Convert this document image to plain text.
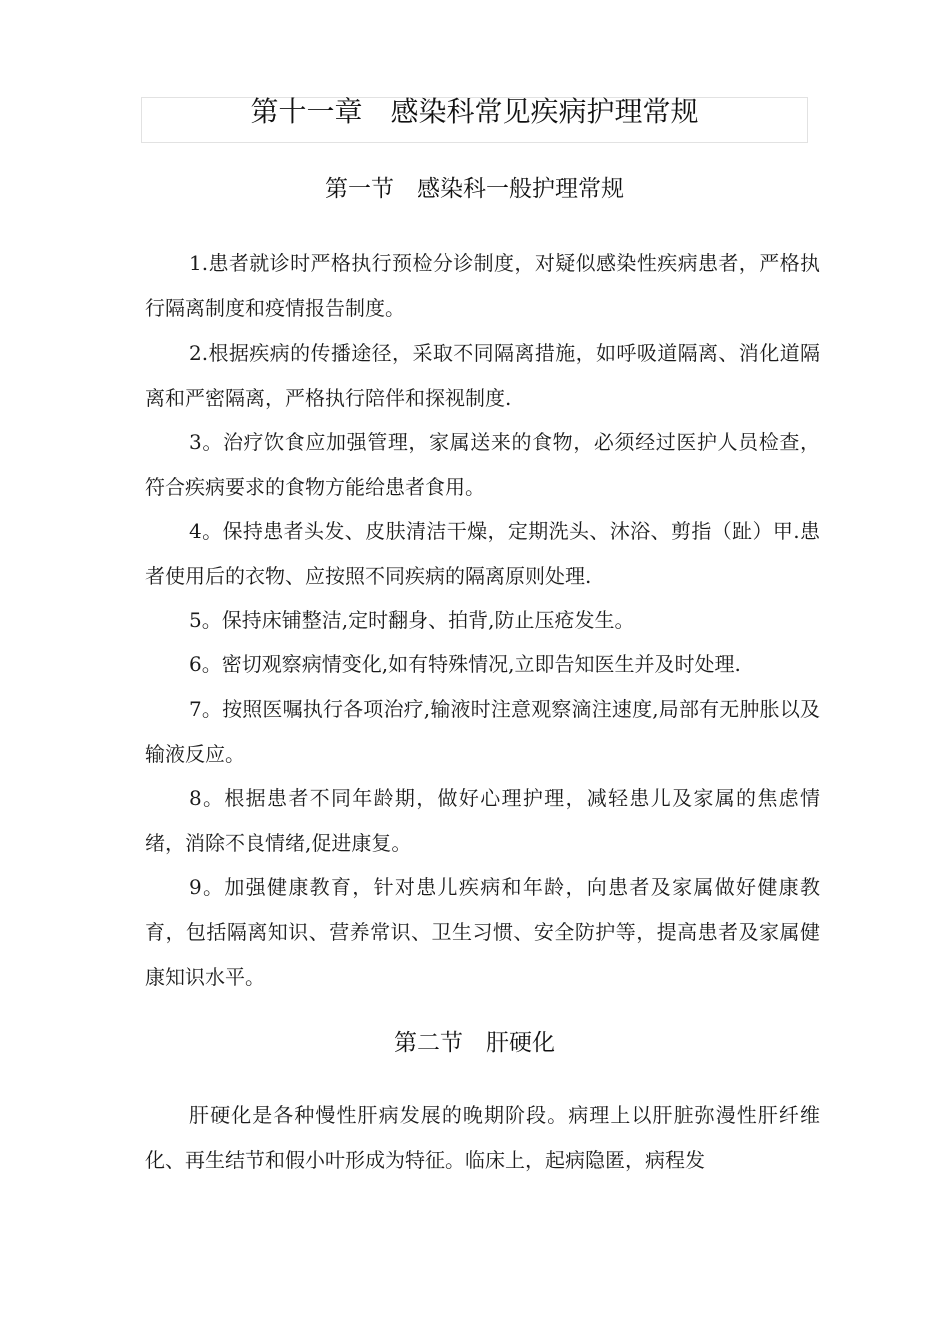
第十一章　感染科常见疾病护理常规
第一节　感染科一般护理常规

1.患者就诊时严格执行预检分诊制度，对疑似感染性疾病患者，严格执行隔离制度和疫情报告制度。

2.根据疾病的传播途径，采取不同隔离措施，如呼吸道隔离、消化道隔离和严密隔离，严格执行陪伴和探视制度.

3。治疗饮食应加强管理，家属送来的食物，必须经过医护人员检查，符合疾病要求的食物方能给患者食用。

4。保持患者头发、皮肤清洁干燥，定期洗头、沐浴、剪指（趾）甲.患者使用后的衣物、应按照不同疾病的隔离原则处理.

5。保持床铺整洁,定时翻身、拍背,防止压疮发生。

6。密切观察病情变化,如有特殊情况,立即告知医生并及时处理.

7。按照医嘱执行各项治疗,输液时注意观察滴注速度,局部有无肿胀以及输液反应。

8。根据患者不同年龄期，做好心理护理，减轻患儿及家属的焦虑情绪，消除不良情绪,促进康复。

9。加强健康教育，针对患儿疾病和年龄，向患者及家属做好健康教育，包括隔离知识、营养常识、卫生习惯、安全防护等，提高患者及家属健康知识水平。

第二节　肝硬化

肝硬化是各种慢性肝病发展的晚期阶段。病理上以肝脏弥漫性肝纤维化、再生结节和假小叶形成为特征。临床上，起病隐匿，病程发
